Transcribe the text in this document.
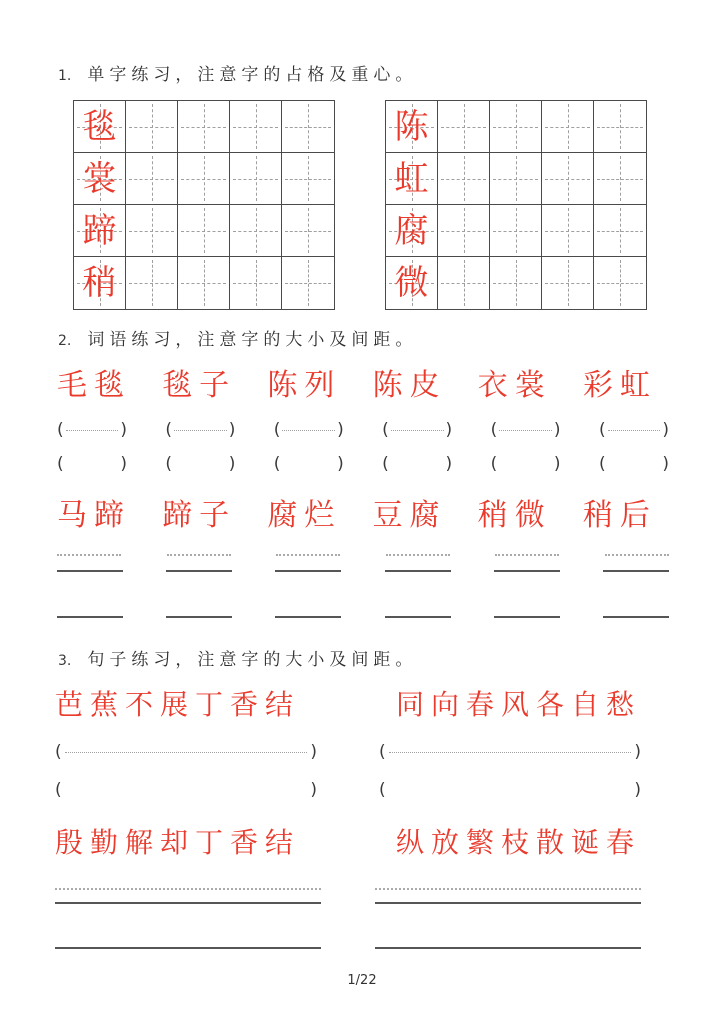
1. 单字练习，注意字的占格及重心。
毯
裳
蹄
稍
陈
虹
腐
微
2. 词语练习，注意字的大小及间距。
毛毯	毯子	陈列	陈皮	衣裳	彩虹
(	) (	) (	) (	) (	) (	)
(	) (	) (	) (	) (	) (	)
马蹄	蹄子	腐烂	豆腐	稍微	稍后
3. 句子练习，注意字的大小及间距。
芭蕉不展丁香结	同向春风各自愁
(	)	(	)
(	)	(	)
殷勤解却丁香结	纵放繁枝散诞春
1/22
